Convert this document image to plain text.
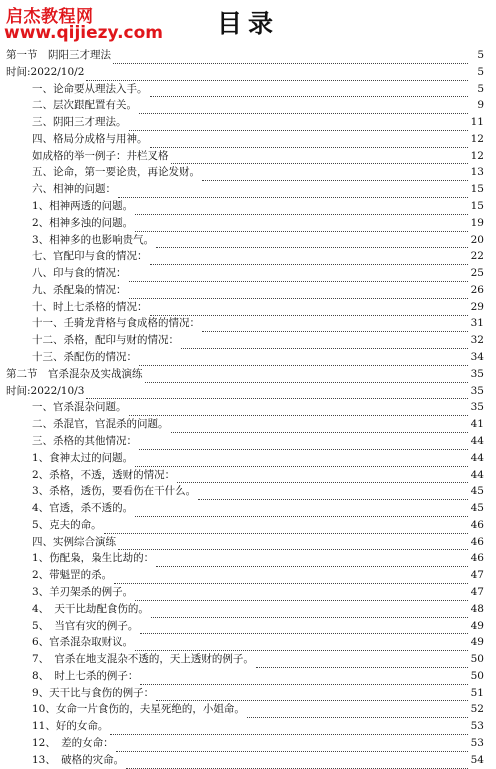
启杰教程网
www.qijiezy.com	目录
第一节　阴阳三才理法	5
时间:2022/10/2	5
一、论命要从理法入手。	5
二、层次跟配置有关。	9
三、阴阳三才理法。	11
四、格局分成格与用神。	12
如成格的举一例子：井栏叉格	12
五、论命，第一要论贵，再论发财。	13
六、相神的问题：	15
1、相神两透的问题。	15
2、相神多浊的问题。	19
3、相神多的也影响贵气。	20
七、官配印与食的情况：	22
八、印与食的情况：	25
九、杀配枭的情况：	26
十、时上七杀格的情况：	29
十一、壬骑龙背格与食成格的情况：	31
十二、杀格，配印与财的情况：	32
十三、杀配伤的情况：	34
第二节　官杀混杂及实战演练	35
时间:2022/10/3	35
一、官杀混杂问题。	35
二、杀混官，官混杀的问题。	41
三、杀格的其他情况：	44
1、食神太过的问题。	44
2、杀格，不透，透财的情况：	44
3、杀格，透伤，要看伤在干什么。	45
4、官透，杀不透的。	45
5、克夫的命。	46
四、实例综合演练	46
1、伤配枭，枭生比劫的：	46
2、带魁罡的杀。	47
3、羊刃架杀的例子。	47
4、　天干比劫配食伤的。	48
5、　当官有灾的例子。	49
6、官杀混杂取财议。	49
7、　官杀在地支混杂不透的，天上透财的例子。	50
8、　时上七杀的例子：	50
9、天干比与食伤的例子：	51
10、女命一片食伤的，夫星死绝的，小姐命。	52
11、好的女命。	53
12、　差的女命：	53
13、　破格的灾命。	54
